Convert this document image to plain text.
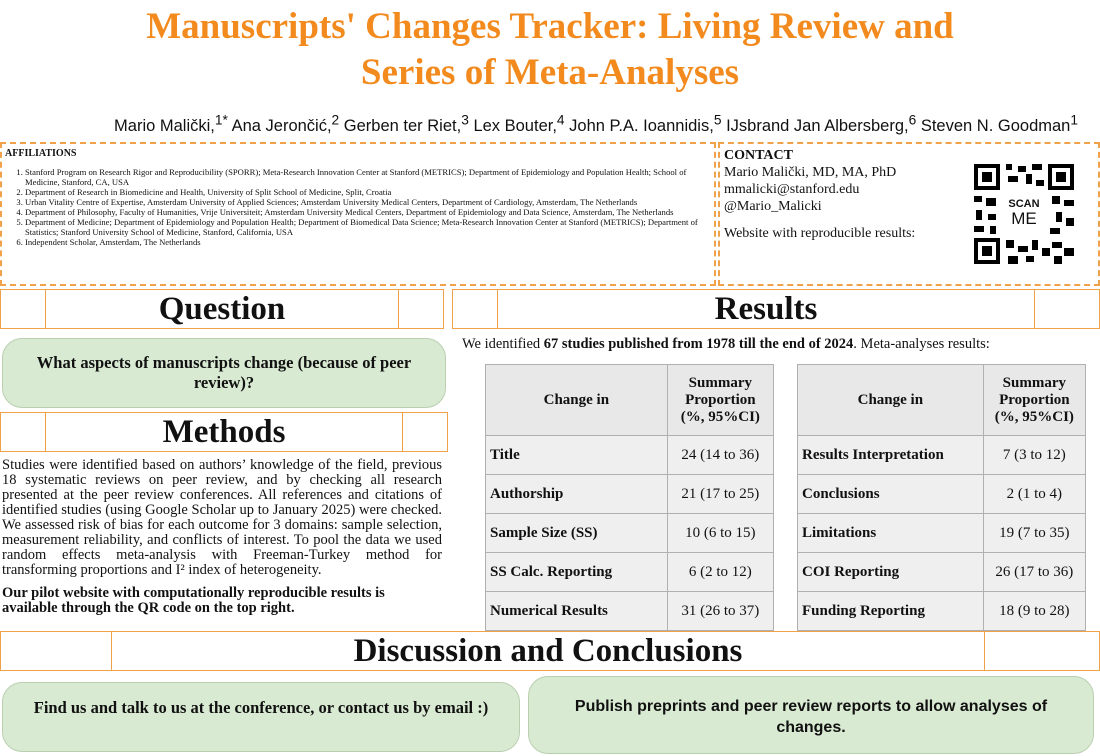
Manuscripts' Changes Tracker: Living Review and
Series of Meta-Analyses
Mario Malički,$^{1*}$ Ana Jerončić,$^2$ Gerben ter Riet,$^3$ Lex Bouter,$^4$ John P.A. Ioannidis,$^5$ IJsbrand Jan Albersberg,$^6$ Steven N. Goodman$^1$
AFFILIATIONS
1. Stanford Program on Research Rigor and Reproducibility (SPORR); Meta-Research Innovation Center at Stanford (METRICS); Department of Epidemiology and Population Health; School of Medicine, Stanford, CA, USA
2. Department of Research in Biomedicine and Health, University of Split School of Medicine, Split, Croatia
3. Urban Vitality Centre of Expertise, Amsterdam University of Applied Sciences; Amsterdam University Medical Centers, Department of Cardiology, Amsterdam, The Netherlands
4. Department of Philosophy, Faculty of Humanities, Vrije Universiteit; Amsterdam University Medical Centers, Department of Epidemiology and Data Science, Amsterdam, The Netherlands
5. Department of Medicine; Department of Epidemiology and Population Health; Department of Biomedical Data Science; Meta-Research Innovation Center at Stanford (METRICS); Department of Statistics; Stanford University School of Medicine, Stanford, California, USA
6. Independent Scholar, Amsterdam, The Netherlands
CONTACT
Mario Malički, MD, MA, PhD
mmalicki@stanford.edu
@Mario_Malicki
Website with reproducible results:
SCAN
ME
Question	Results
What aspects of manuscripts change (because of peer review)?
Methods
Studies were identified based on authors’ knowledge of the field, previous 18 systematic reviews on peer review, and by checking all research presented at the peer review conferences. All references and citations of identified studies (using Google Scholar up to January 2025) were checked. We assessed risk of bias for each outcome for 3 domains: sample selection, measurement reliability, and conflicts of interest. To pool the data we used random effects meta-analysis with Freeman-Turkey method for transforming proportions and I² index of heterogeneity.
Our pilot website with computationally reproducible results is available through the QR code on the top right.
We identified 67 studies published from 1978 till the end of 2024. Meta-analyses results:
Change in	Summary
Proportion
(%, 95%CI)

Title	24 (14 to 36)
Authorship	21 (17 to 25)
Sample Size (SS)	10 (6 to 15)
SS Calc. Reporting	6 (2 to 12)
Numerical Results	31 (26 to 37)
Change in	Summary
Proportion
(%, 95%CI)

Results Interpretation	7 (3 to 12)
Conclusions	2 (1 to 4)
Limitations	19 (7 to 35)
COI Reporting	26 (17 to 36)
Funding Reporting	18 (9 to 28)
Discussion and Conclusions
Find us and talk to us at the conference, or contact us by email :)	Publish preprints and peer review reports to allow analyses of changes.
